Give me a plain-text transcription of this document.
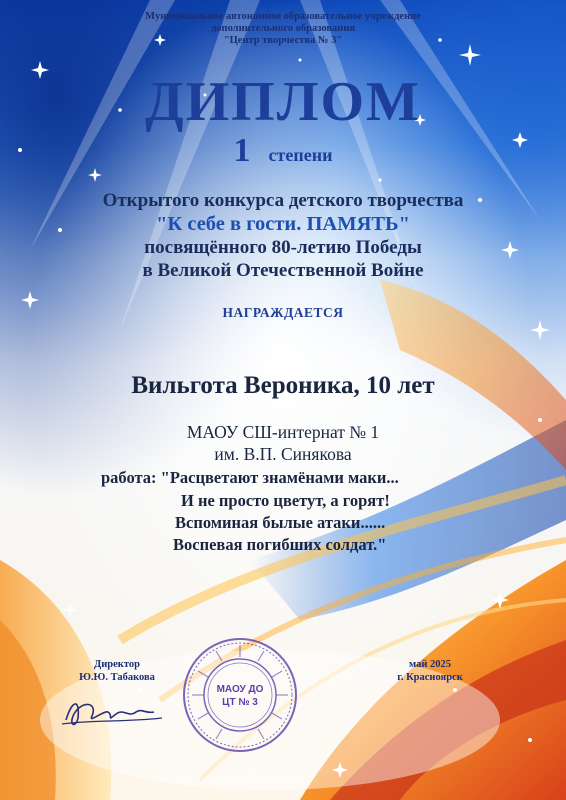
Муниципальное автономное образовательное учреждение
дополнительного образования
"Центр творчества № 3"
ДИПЛОМ
1 степени
Открытого конкурса детского творчества
"К себе в гости. ПАМЯТЬ"
посвящённого 80-летию Победы
в Великой Отечественной Войне
НАГРАЖДАЕТСЯ
Вильгота Вероника, 10 лет
МАОУ СШ-интернат № 1
им. В.П. Синякова
работа: "Расцветают знамёнами маки...
И не просто цветут, а горят!
Вспоминая былые атаки......
Воспевая погибших солдат."
Директор
Ю.Ю. Табакова
май 2025
г. Красноярск
МАОУ ДО
ЦТ № 3
